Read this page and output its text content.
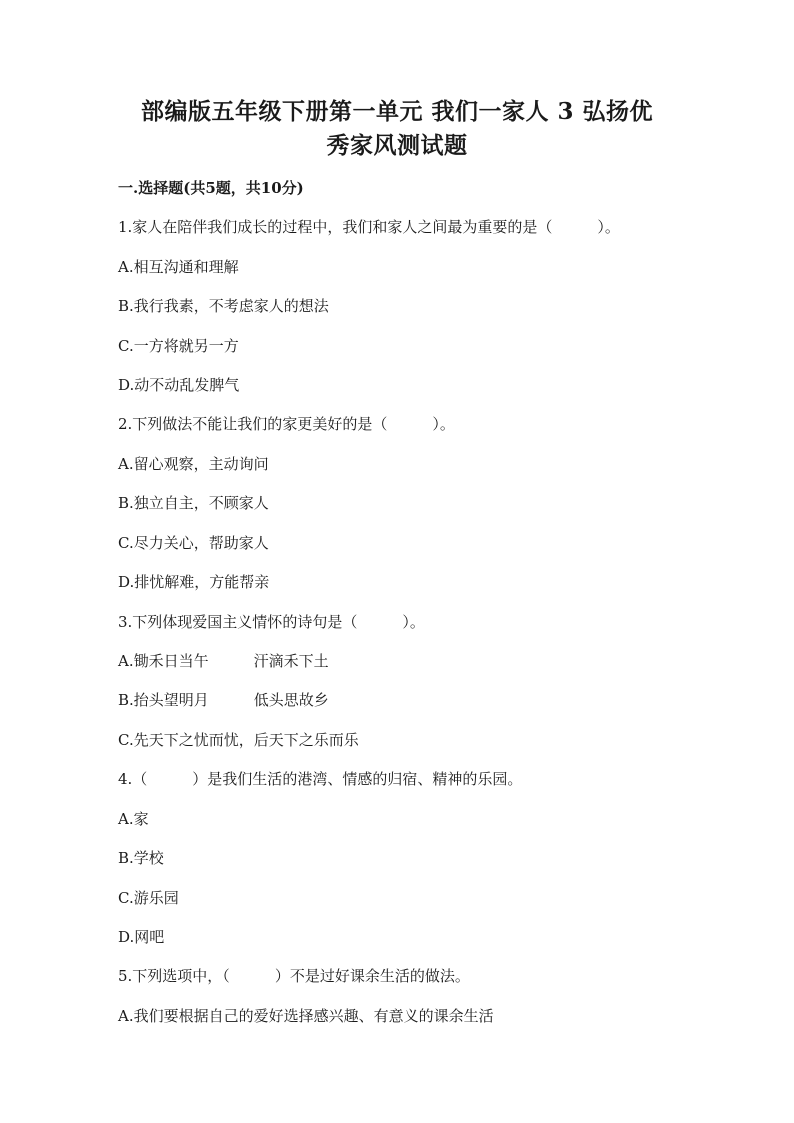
部编版五年级下册第一单元 我们一家人 3 弘扬优
秀家风测试题
一.选择题(共5题，共10分)
1.家人在陪伴我们成长的过程中，我们和家人之间最为重要的是（　　　）。
A.相互沟通和理解
B.我行我素，不考虑家人的想法
C.一方将就另一方
D.动不动乱发脾气
2.下列做法不能让我们的家更美好的是（　　　）。
A.留心观察，主动询问
B.独立自主，不顾家人
C.尽力关心，帮助家人
D.排忧解难，方能帮亲
3.下列体现爱国主义情怀的诗句是（　　　）。
A.锄禾日当午　　　汗滴禾下土
B.抬头望明月　　　低头思故乡
C.先天下之忧而忧，后天下之乐而乐
4.（　　　）是我们生活的港湾、情感的归宿、精神的乐园。
A.家
B.学校
C.游乐园
D.网吧
5.下列选项中，（　　　）不是过好课余生活的做法。
A.我们要根据自己的爱好选择感兴趣、有意义的课余生活
